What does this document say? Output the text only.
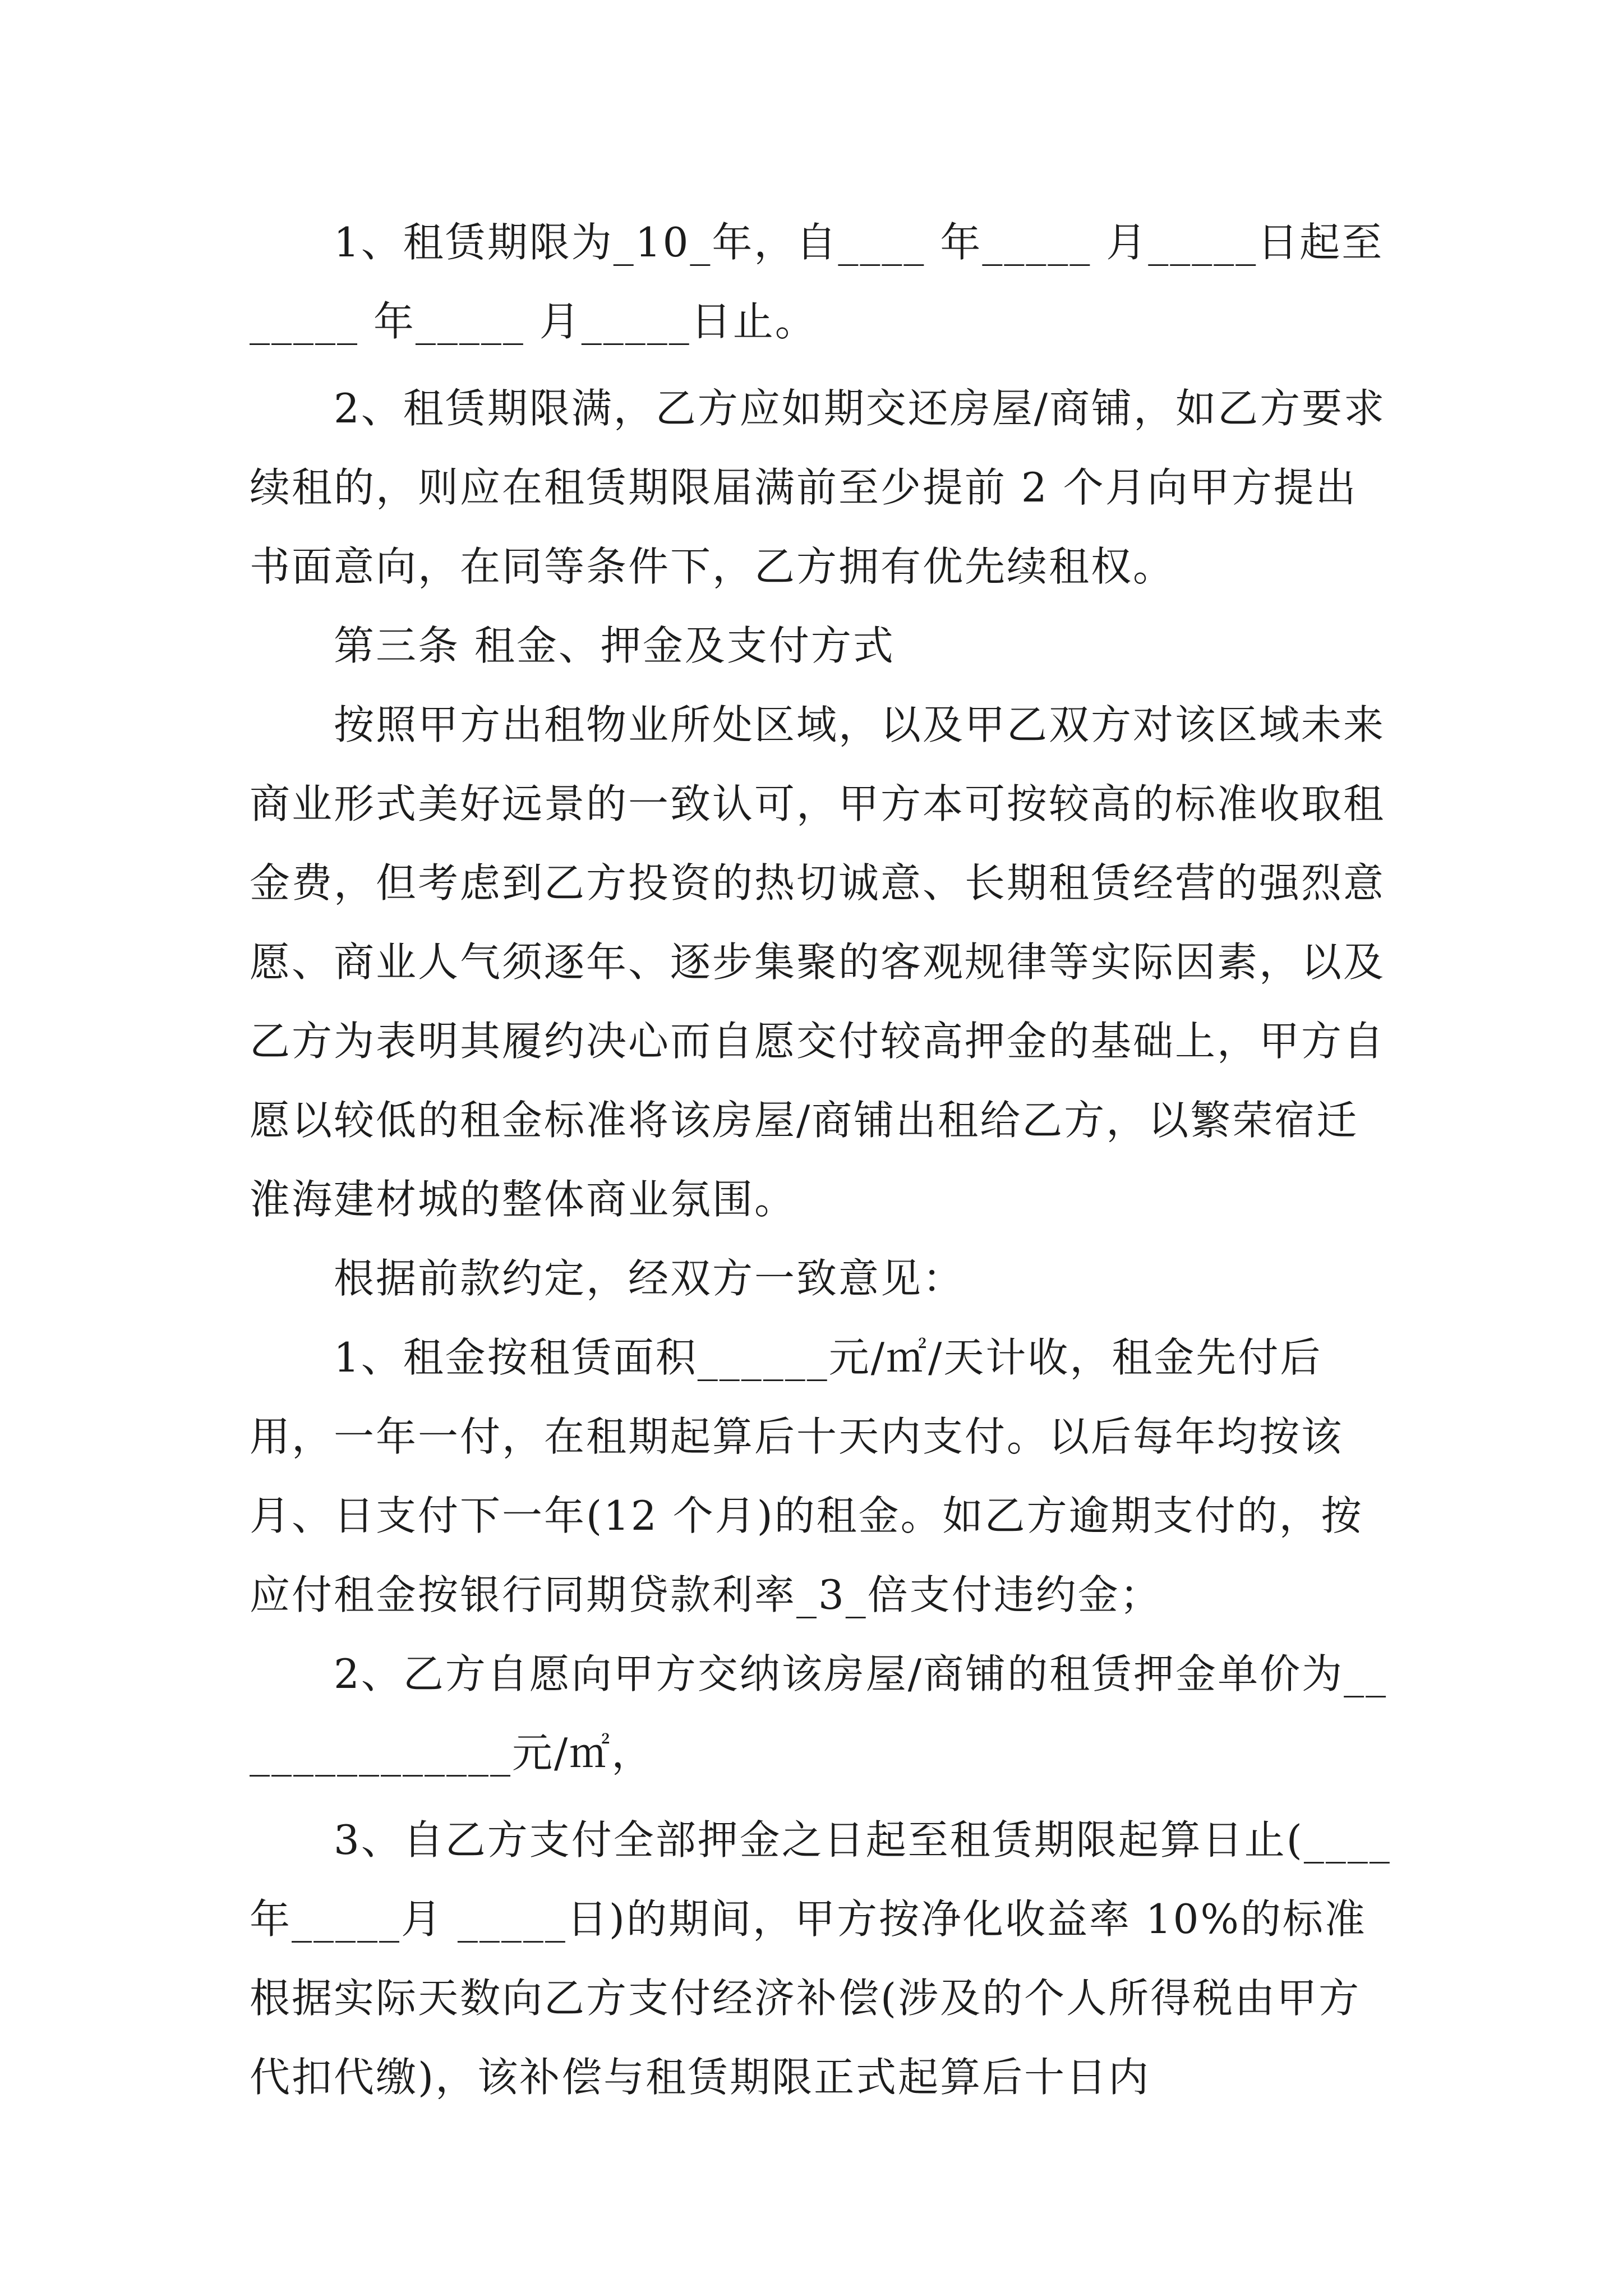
1、租赁期限为_10_年，自____ 年_____ 月_____日起至_____ 年_____ 月_____日止。

2、租赁期限满，乙方应如期交还房屋/商铺，如乙方要求续租的，则应在租赁期限届满前至少提前 2 个月向甲方提出书面意向，在同等条件下，乙方拥有优先续租权。

第三条 租金、押金及支付方式

按照甲方出租物业所处区域，以及甲乙双方对该区域未来商业形式美好远景的一致认可，甲方本可按较高的标准收取租金费，但考虑到乙方投资的热切诚意、长期租赁经营的强烈意愿、商业人气须逐年、逐步集聚的客观规律等实际因素，以及乙方为表明其履约决心而自愿交付较高押金的基础上，甲方自愿以较低的租金标准将该房屋/商铺出租给乙方，以繁荣宿迁淮海建材城的整体商业氛围。

根据前款约定，经双方一致意见：

1、租金按租赁面积______元/㎡/天计收，租金先付后用，一年一付，在租期起算后十天内支付。以后每年均按该月、日支付下一年(12 个月)的租金。如乙方逾期支付的，按应付租金按银行同期贷款利率_3_倍支付违约金；

2、乙方自愿向甲方交纳该房屋/商铺的租赁押金单价为______________元/㎡，

3、自乙方支付全部押金之日起至租赁期限起算日止(____ 年_____月 _____日)的期间，甲方按净化收益率 10%的标准根据实际天数向乙方支付经济补偿(涉及的个人所得税由甲方代扣代缴)，该补偿与租赁期限正式起算后十日内
